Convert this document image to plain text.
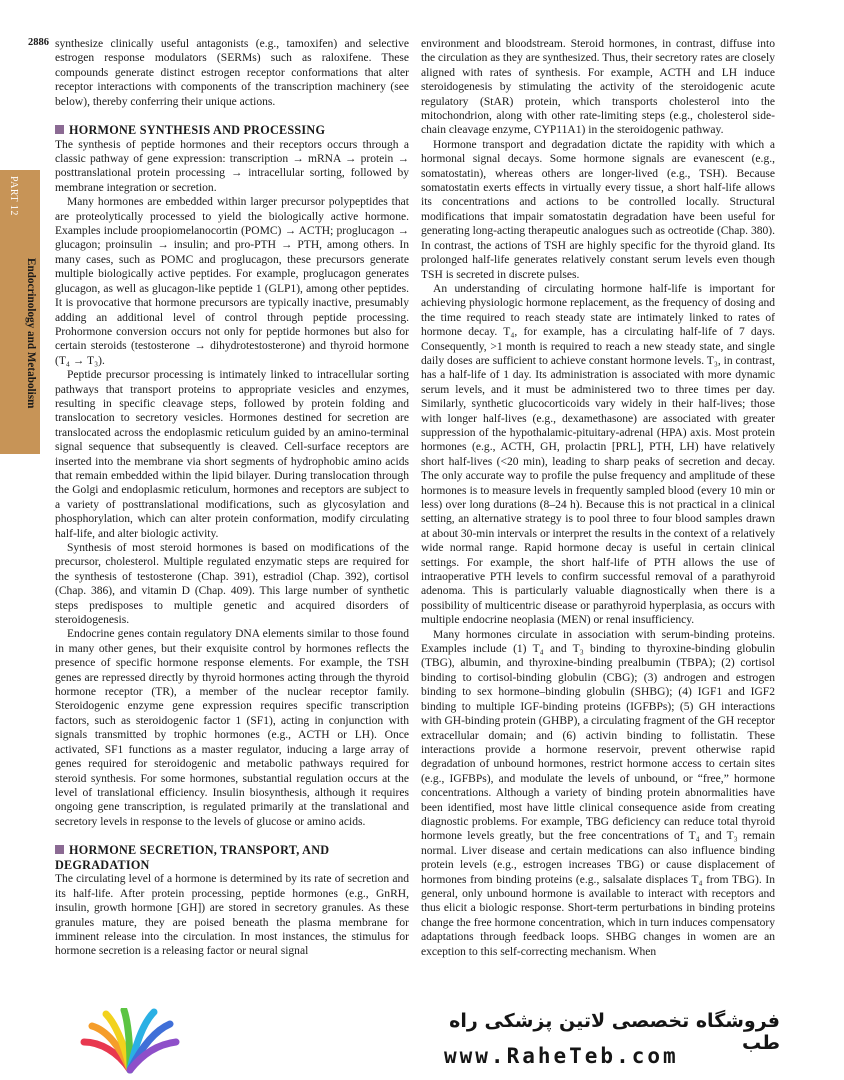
2886
PART 12
Endocrinology and Metabolism

synthesize clinically useful antagonists (e.g., tamoxifen) and selective estrogen response modulators (SERMs) such as raloxifene. These compounds generate distinct estrogen receptor conformations that alter receptor interactions with components of the transcription machinery (see below), thereby conferring their unique actions.

HORMONE SYNTHESIS AND PROCESSING

The synthesis of peptide hormones and their receptors occurs through a classic pathway of gene expression: transcription → mRNA → protein → posttranslational protein processing → intracellular sorting, followed by membrane integration or secretion.

Many hormones are embedded within larger precursor polypeptides that are proteolytically processed to yield the biologically active hormone. Examples include proopiomelanocortin (POMC) → ACTH; proglucagon → glucagon; proinsulin → insulin; and pro-PTH → PTH, among others. In many cases, such as POMC and proglucagon, these precursors generate multiple biologically active peptides. For example, proglucagon generates glucagon, as well as glucagon-like peptide 1 (GLP1), among other peptides. It is provocative that hormone precursors are typically inactive, presumably adding an additional level of control through peptide processing. Prohormone conversion occurs not only for peptide hormones but also for certain steroids (testosterone → dihydrotestosterone) and thyroid hormone (T₄ → T₃).

Peptide precursor processing is intimately linked to intracellular sorting pathways that transport proteins to appropriate vesicles and enzymes, resulting in specific cleavage steps, followed by protein folding and translocation to secretory vesicles. Hormones destined for secretion are translocated across the endoplasmic reticulum guided by an amino-terminal signal sequence that subsequently is cleaved. Cell-surface receptors are inserted into the membrane via short segments of hydrophobic amino acids that remain embedded within the lipid bilayer. During translocation through the Golgi and endoplasmic reticulum, hormones and receptors are subject to a variety of posttranslational modifications, such as glycosylation and phosphorylation, which can alter protein conformation, modify circulating half-life, and alter biologic activity.

Synthesis of most steroid hormones is based on modifications of the precursor, cholesterol. Multiple regulated enzymatic steps are required for the synthesis of testosterone (Chap. 391), estradiol (Chap. 392), cortisol (Chap. 386), and vitamin D (Chap. 409). This large number of synthetic steps predisposes to multiple genetic and acquired disorders of steroidogenesis.

Endocrine genes contain regulatory DNA elements similar to those found in many other genes, but their exquisite control by hormones reflects the presence of specific hormone response elements. For example, the TSH genes are repressed directly by thyroid hormones acting through the thyroid hormone receptor (TR), a member of the nuclear receptor family. Steroidogenic enzyme gene expression requires specific transcription factors, such as steroidogenic factor 1 (SF1), acting in conjunction with signals transmitted by trophic hormones (e.g., ACTH or LH). Once activated, SF1 functions as a master regulator, inducing a large array of genes required for steroidogenic and metabolic pathways required for steroid synthesis. For some hormones, substantial regulation occurs at the level of translational efficiency. Insulin biosynthesis, although it requires ongoing gene transcription, is regulated primarily at the translational and secretory levels in response to the levels of glucose or amino acids.

HORMONE SECRETION, TRANSPORT, AND DEGRADATION

The circulating level of a hormone is determined by its rate of secretion and its half-life. After protein processing, peptide hormones (e.g., GnRH, insulin, growth hormone [GH]) are stored in secretory granules. As these granules mature, they are poised beneath the plasma membrane for imminent release into the circulation. In most instances, the stimulus for hormone secretion is a releasing factor or neural signal

environment and bloodstream. Steroid hormones, in contrast, diffuse into the circulation as they are synthesized. Thus, their secretory rates are closely aligned with rates of synthesis. For example, ACTH and LH induce steroidogenesis by stimulating the activity of the steroidogenic acute regulatory (StAR) protein, which transports cholesterol into the mitochondrion, along with other rate-limiting steps (e.g., cholesterol side-chain cleavage enzyme, CYP11A1) in the steroidogenic pathway.

Hormone transport and degradation dictate the rapidity with which a hormonal signal decays. Some hormone signals are evanescent (e.g., somatostatin), whereas others are longer-lived (e.g., TSH). Because somatostatin exerts effects in virtually every tissue, a short half-life allows its concentrations and actions to be controlled locally. Structural modifications that impair somatostatin degradation have been useful for generating long-acting therapeutic analogues such as octreotide (Chap. 380). In contrast, the actions of TSH are highly specific for the thyroid gland. Its prolonged half-life generates relatively constant serum levels even though TSH is secreted in discrete pulses.

An understanding of circulating hormone half-life is important for achieving physiologic hormone replacement, as the frequency of dosing and the time required to reach steady state are intimately linked to rates of hormone decay. T₄, for example, has a circulating half-life of 7 days. Consequently, >1 month is required to reach a new steady state, and single daily doses are sufficient to achieve constant hormone levels. T₃, in contrast, has a half-life of 1 day. Its administration is associated with more dynamic serum levels, and it must be administered two to three times per day. Similarly, synthetic glucocorticoids vary widely in their half-lives; those with longer half-lives (e.g., dexamethasone) are associated with greater suppression of the hypothalamic-pituitary-adrenal (HPA) axis. Most protein hormones (e.g., ACTH, GH, prolactin [PRL], PTH, LH) have relatively short half-lives (<20 min), leading to sharp peaks of secretion and decay. The only accurate way to profile the pulse frequency and amplitude of these hormones is to measure levels in frequently sampled blood (every 10 min or less) over long durations (8–24 h). Because this is not practical in a clinical setting, an alternative strategy is to pool three to four blood samples drawn at about 30-min intervals or interpret the results in the context of a relatively wide normal range. Rapid hormone decay is useful in certain clinical settings. For example, the short half-life of PTH allows the use of intraoperative PTH levels to confirm successful removal of a parathyroid adenoma. This is particularly valuable diagnostically when there is a possibility of multicentric disease or parathyroid hyperplasia, as occurs with multiple endocrine neoplasia (MEN) or renal insufficiency.

Many hormones circulate in association with serum-binding proteins. Examples include (1) T₄ and T₃ binding to thyroxine-binding globulin (TBG), albumin, and thyroxine-binding prealbumin (TBPA); (2) cortisol binding to cortisol-binding globulin (CBG); (3) androgen and estrogen binding to sex hormone–binding globulin (SHBG); (4) IGF1 and IGF2 binding to multiple IGF-binding proteins (IGFBPs); (5) GH interactions with GH-binding protein (GHBP), a circulating fragment of the GH receptor extracellular domain; and (6) activin binding to follistatin. These interactions provide a hormone reservoir, prevent otherwise rapid degradation of unbound hormones, restrict hormone access to certain sites (e.g., IGFBPs), and modulate the levels of unbound, or “free,” hormone concentrations. Although a variety of binding protein abnormalities have been identified, most have little clinical consequence aside from creating diagnostic problems. For example, TBG deficiency can reduce total thyroid hormone levels greatly, but the free concentrations of T₄ and T₃ remain normal. Liver disease and certain medications can also influence binding protein levels (e.g., estrogen increases TBG) or cause displacement of hormones from binding proteins (e.g., salsalate displaces T₄ from TBG). In general, only unbound hormone is available to interact with receptors and thus elicit a biologic response. Short-term perturbations in binding proteins change the free hormone concentration, which in turn induces compensatory adaptations through feedback loops. SHBG changes in women are an exception to this self-correcting mechanism. When

فروشگاه تخصصی لاتین پزشکی راه طب
www.RaheTeb.com
